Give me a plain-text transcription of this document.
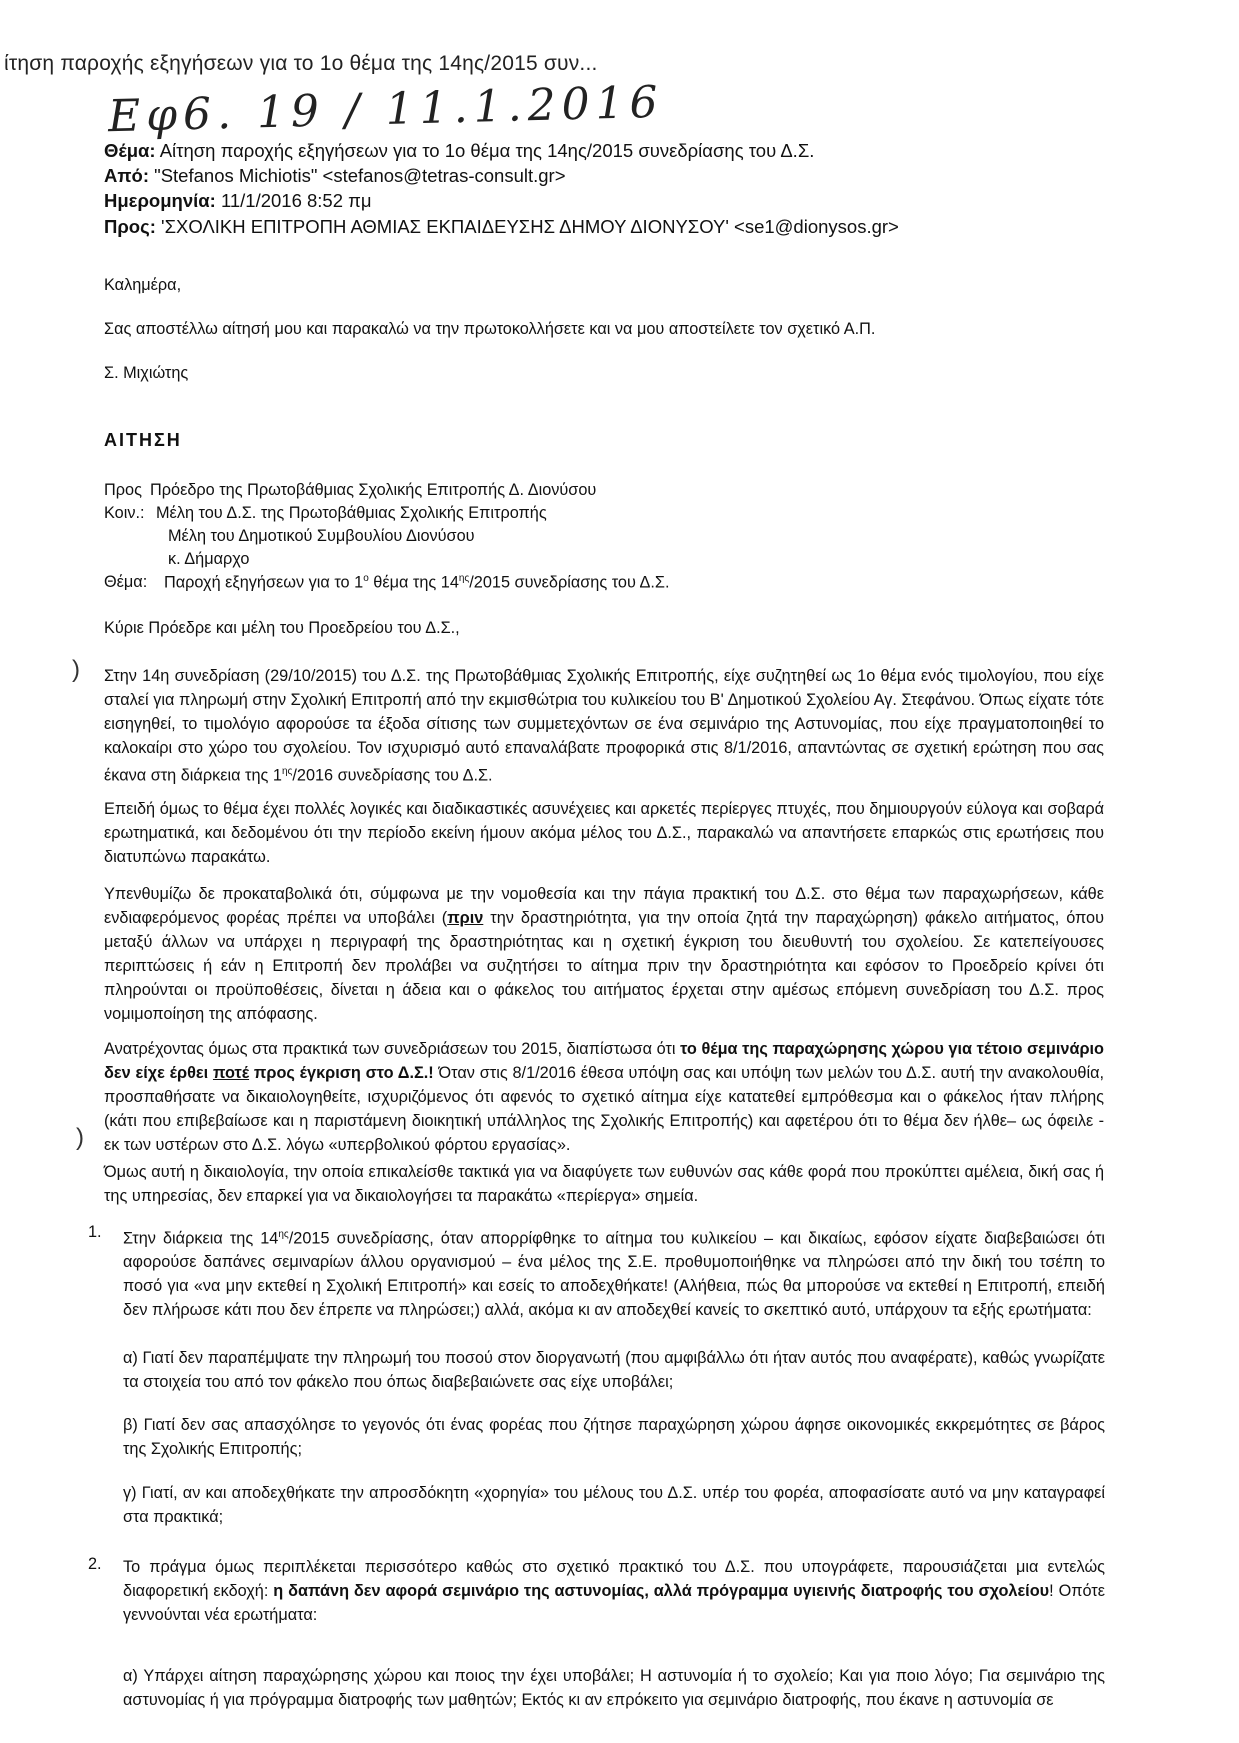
ίτηση παροχής εξηγήσεων για το 1ο θέμα της 14ης/2015 συν...
Εφ6. 19 / 11.1.2016
Θέμα: Αίτηση παροχής εξηγήσεων για το 1ο θέμα της 14ης/2015 συνεδρίασης του Δ.Σ.
Από: "Stefanos Michiotis" <stefanos@tetras-consult.gr>
Ημερομηνία: 11/1/2016 8:52 πμ
Προς: 'ΣΧΟΛΙΚΗ ΕΠΙΤΡΟΠΗ ΑΘΜΙΑΣ ΕΚΠΑΙΔΕΥΣΗΣ ΔΗΜΟΥ ΔΙΟΝΥΣΟΥ' <se1@dionysos.gr>
Καλημέρα,
Σας αποστέλλω αίτησή μου και παρακαλώ να την πρωτοκολλήσετε και να μου αποστείλετε τον σχετικό Α.Π.
Σ. Μιχιώτης
ΑΙΤΗΣΗ
Προς Πρόεδρο της Πρωτοβάθμιας Σχολικής Επιτροπής Δ. Διονύσου
Κοιν.: Μέλη του Δ.Σ. της Πρωτοβάθμιας Σχολικής Επιτροπής
Μέλη του Δημοτικού Συμβουλίου Διονύσου
κ. Δήμαρχο
Θέμα: Παροχή εξηγήσεων για το $1^o$ θέμα της $14^{\eta\varsigma}/2015$ συνεδρίασης του Δ.Σ.
Κύριε Πρόεδρε και μέλη του Προεδρείου του Δ.Σ.,
) Στην 14η συνεδρίαση (29/10/2015) του Δ.Σ. της Πρωτοβάθμιας Σχολικής Επιτροπής, είχε συζητηθεί ως 1ο θέμα ενός τιμολογίου, που είχε σταλεί για πληρωμή στην Σχολική Επιτροπή από την εκμισθώτρια του κυλικείου του Β' Δημοτικού Σχολείου Αγ. Στεφάνου. Όπως είχατε τότε εισηγηθεί, το τιμολόγιο αφορούσε τα έξοδα σίτισης των συμμετεχόντων σε ένα σεμινάριο της Αστυνομίας, που είχε πραγματοποιηθεί το καλοκαίρι στο χώρο του σχολείου. Τον ισχυρισμό αυτό επαναλάβατε προφορικά στις 8/1/2016, απαντώντας σε σχετική ερώτηση που σας έκανα στη διάρκεια της $1^{\eta\varsigma}/2016$ συνεδρίασης του Δ.Σ.
Επειδή όμως το θέμα έχει πολλές λογικές και διαδικαστικές ασυνέχειες και αρκετές περίεργες πτυχές, που δημιουργούν εύλογα και σοβαρά ερωτηματικά, και δεδομένου ότι την περίοδο εκείνη ήμουν ακόμα μέλος του Δ.Σ., παρακαλώ να απαντήσετε επαρκώς στις ερωτήσεις που διατυπώνω παρακάτω.
Υπενθυμίζω δε προκαταβολικά ότι, σύμφωνα με την νομοθεσία και την πάγια πρακτική του Δ.Σ. στο θέμα των παραχωρήσεων, κάθε ενδιαφερόμενος φορέας πρέπει να υποβάλει (πριν την δραστηριότητα, για την οποία ζητά την παραχώρηση) φάκελο αιτήματος, όπου μεταξύ άλλων να υπάρχει η περιγραφή της δραστηριότητας και η σχετική έγκριση του διευθυντή του σχολείου. Σε κατεπείγουσες περιπτώσεις ή εάν η Επιτροπή δεν προλάβει να συζητήσει το αίτημα πριν την δραστηριότητα και εφόσον το Προεδρείο κρίνει ότι πληρούνται οι προϋποθέσεις, δίνεται η άδεια και ο φάκελος του αιτήματος έρχεται στην αμέσως επόμενη συνεδρίαση του Δ.Σ. προς νομιμοποίηση της απόφασης.
Ανατρέχοντας όμως στα πρακτικά των συνεδριάσεων του 2015, διαπίστωσα ότι το θέμα της παραχώρησης χώρου για τέτοιο σεμινάριο δεν είχε έρθει ποτέ προς έγκριση στο Δ.Σ.! Όταν στις 8/1/2016 έθεσα υπόψη σας και υπόψη των μελών του Δ.Σ. αυτή την ανακολουθία, προσπαθήσατε να δικαιολογηθείτε, ισχυριζόμενος ότι αφενός το σχετικό αίτημα είχε κατατεθεί εμπρόθεσμα και ο φάκελος ήταν πλήρης (κάτι που επιβεβαίωσε και η παριστάμενη διοικητική υπάλληλος της Σχολικής Επιτροπής) και αφετέρου ότι το θέμα δεν ήλθε– ως όφειλε - εκ των υστέρων στο Δ.Σ. λόγω «υπερβολικού φόρτου εργασίας».
)
Όμως αυτή η δικαιολογία, την οποία επικαλείσθε τακτικά για να διαφύγετε των ευθυνών σας κάθε φορά που προκύπτει αμέλεια, δική σας ή της υπηρεσίας, δεν επαρκεί για να δικαιολογήσει τα παρακάτω «περίεργα» σημεία.
1. Στην διάρκεια της $14^{\eta\varsigma}/2015$ συνεδρίασης, όταν απορρίφθηκε το αίτημα του κυλικείου – και δικαίως, εφόσον είχατε διαβεβαιώσει ότι αφορούσε δαπάνες σεμιναρίων άλλου οργανισμού – ένα μέλος της Σ.Ε. προθυμοποιήθηκε να πληρώσει από την δική του τσέπη το ποσό για «να μην εκτεθεί η Σχολική Επιτροπή» και εσείς το αποδεχθήκατε! (Αλήθεια, πώς θα μπορούσε να εκτεθεί η Επιτροπή, επειδή δεν πλήρωσε κάτι που δεν έπρεπε να πληρώσει;) αλλά, ακόμα κι αν αποδεχθεί κανείς το σκεπτικό αυτό, υπάρχουν τα εξής ερωτήματα:
α) Γιατί δεν παραπέμψατε την πληρωμή του ποσού στον διοργανωτή (που αμφιβάλλω ότι ήταν αυτός που αναφέρατε), καθώς γνωρίζατε τα στοιχεία του από τον φάκελο που όπως διαβεβαιώνετε σας είχε υποβάλει;
β) Γιατί δεν σας απασχόλησε το γεγονός ότι ένας φορέας που ζήτησε παραχώρηση χώρου άφησε οικονομικές εκκρεμότητες σε βάρος της Σχολικής Επιτροπής;
γ) Γιατί, αν και αποδεχθήκατε την απροσδόκητη «χορηγία» του μέλους του Δ.Σ. υπέρ του φορέα, αποφασίσατε αυτό να μην καταγραφεί στα πρακτικά;
2. Το πράγμα όμως περιπλέκεται περισσότερο καθώς στο σχετικό πρακτικό του Δ.Σ. που υπογράφετε, παρουσιάζεται μια εντελώς διαφορετική εκδοχή: η δαπάνη δεν αφορά σεμινάριο της αστυνομίας, αλλά πρόγραμμα υγιεινής διατροφής του σχολείου! Οπότε γεννούνται νέα ερωτήματα:
α) Υπάρχει αίτηση παραχώρησης χώρου και ποιος την έχει υποβάλει; Η αστυνομία ή το σχολείο; Και για ποιο λόγο; Για σεμινάριο της αστυνομίας ή για πρόγραμμα διατροφής των μαθητών; Εκτός κι αν επρόκειτο για σεμινάριο διατροφής, που έκανε η αστυνομία σε
